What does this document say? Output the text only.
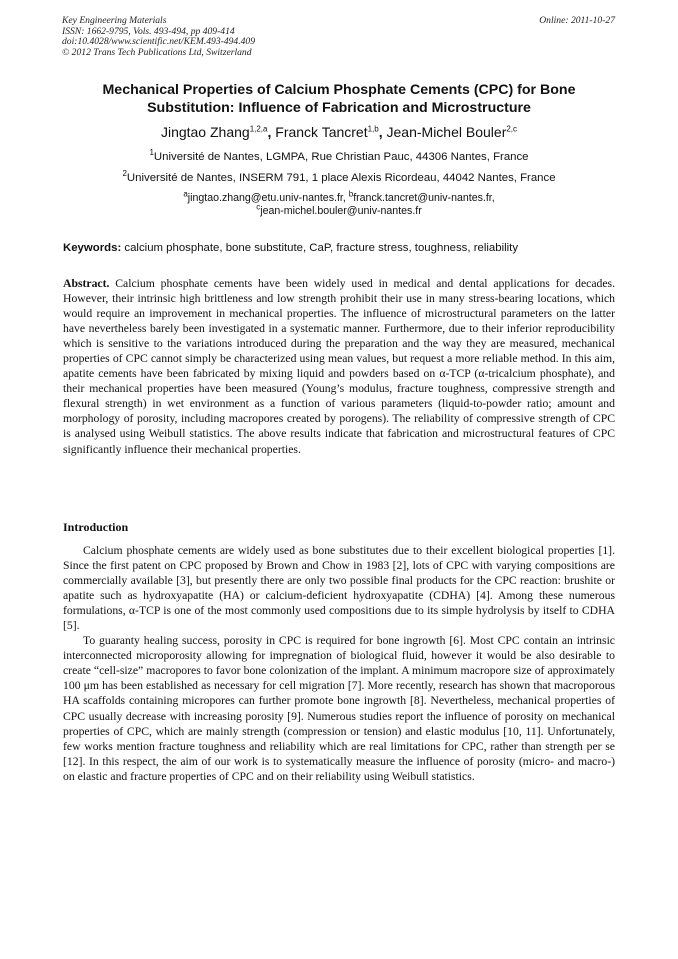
Key Engineering Materials
ISSN: 1662-9795, Vols. 493-494, pp 409-414
doi:10.4028/www.scientific.net/KEM.493-494.409
© 2012 Trans Tech Publications Ltd, Switzerland
Online: 2011-10-27
Mechanical Properties of Calcium Phosphate Cements (CPC) for Bone Substitution: Influence of Fabrication and Microstructure
Jingtao Zhang$^{1,2,a}$, Franck Tancret$^{1,b}$, Jean-Michel Bouler$^{2,c}$
$^1$Université de Nantes, LGMPA, Rue Christian Pauc, 44306 Nantes, France
$^2$Université de Nantes, INSERM 791, 1 place Alexis Ricordeau, 44042 Nantes, France
$^a$jingtao.zhang@etu.univ-nantes.fr, $^b$franck.tancret@univ-nantes.fr,
$^c$jean-michel.bouler@univ-nantes.fr
Keywords: calcium phosphate, bone substitute, CaP, fracture stress, toughness, reliability
Abstract. Calcium phosphate cements have been widely used in medical and dental applications for decades. However, their intrinsic high brittleness and low strength prohibit their use in many stress-bearing locations, which would require an improvement in mechanical properties. The influence of microstructural parameters on the latter have nevertheless barely been investigated in a systematic manner. Furthermore, due to their inferior reproducibility which is sensitive to the variations introduced during the preparation and the way they are measured, mechanical properties of CPC cannot simply be characterized using mean values, but request a more reliable method. In this aim, apatite cements have been fabricated by mixing liquid and powders based on α-TCP (α-tricalcium phosphate), and their mechanical properties have been measured (Young’s modulus, fracture toughness, compressive strength and flexural strength) in wet environment as a function of various parameters (liquid-to-powder ratio; amount and morphology of porosity, including macropores created by porogens). The reliability of compressive strength of CPC is analysed using Weibull statistics. The above results indicate that fabrication and microstructural features of CPC significantly influence their mechanical properties.
Introduction

Calcium phosphate cements are widely used as bone substitutes due to their excellent biological properties [1]. Since the first patent on CPC proposed by Brown and Chow in 1983 [2], lots of CPC with varying compositions are commercially available [3], but presently there are only two possible final products for the CPC reaction: brushite or apatite such as hydroxyapatite (HA) or calcium-deficient hydroxyapatite (CDHA) [4]. Among these numerous formulations, α-TCP is one of the most commonly used compositions due to its simple hydrolysis by itself to CDHA [5].

To guaranty healing success, porosity in CPC is required for bone ingrowth [6]. Most CPC contain an intrinsic interconnected microporosity allowing for impregnation of biological fluid, however it would be also desirable to create “cell-size” macropores to favor bone colonization of the implant. A minimum macropore size of approximately 100 μm has been established as necessary for cell migration [7]. More recently, research has shown that macroporous HA scaffolds containing micropores can further promote bone ingrowth [8]. Nevertheless, mechanical properties of CPC usually decrease with increasing porosity [9]. Numerous studies report the influence of porosity on mechanical properties of CPC, which are mainly strength (compression or tension) and elastic modulus [10, 11]. Unfortunately, few works mention fracture toughness and reliability which are real limitations for CPC, rather than strength per se [12]. In this respect, the aim of our work is to systematically measure the influence of porosity (micro- and macro-) on elastic and fracture properties of CPC and on their reliability using Weibull statistics.
